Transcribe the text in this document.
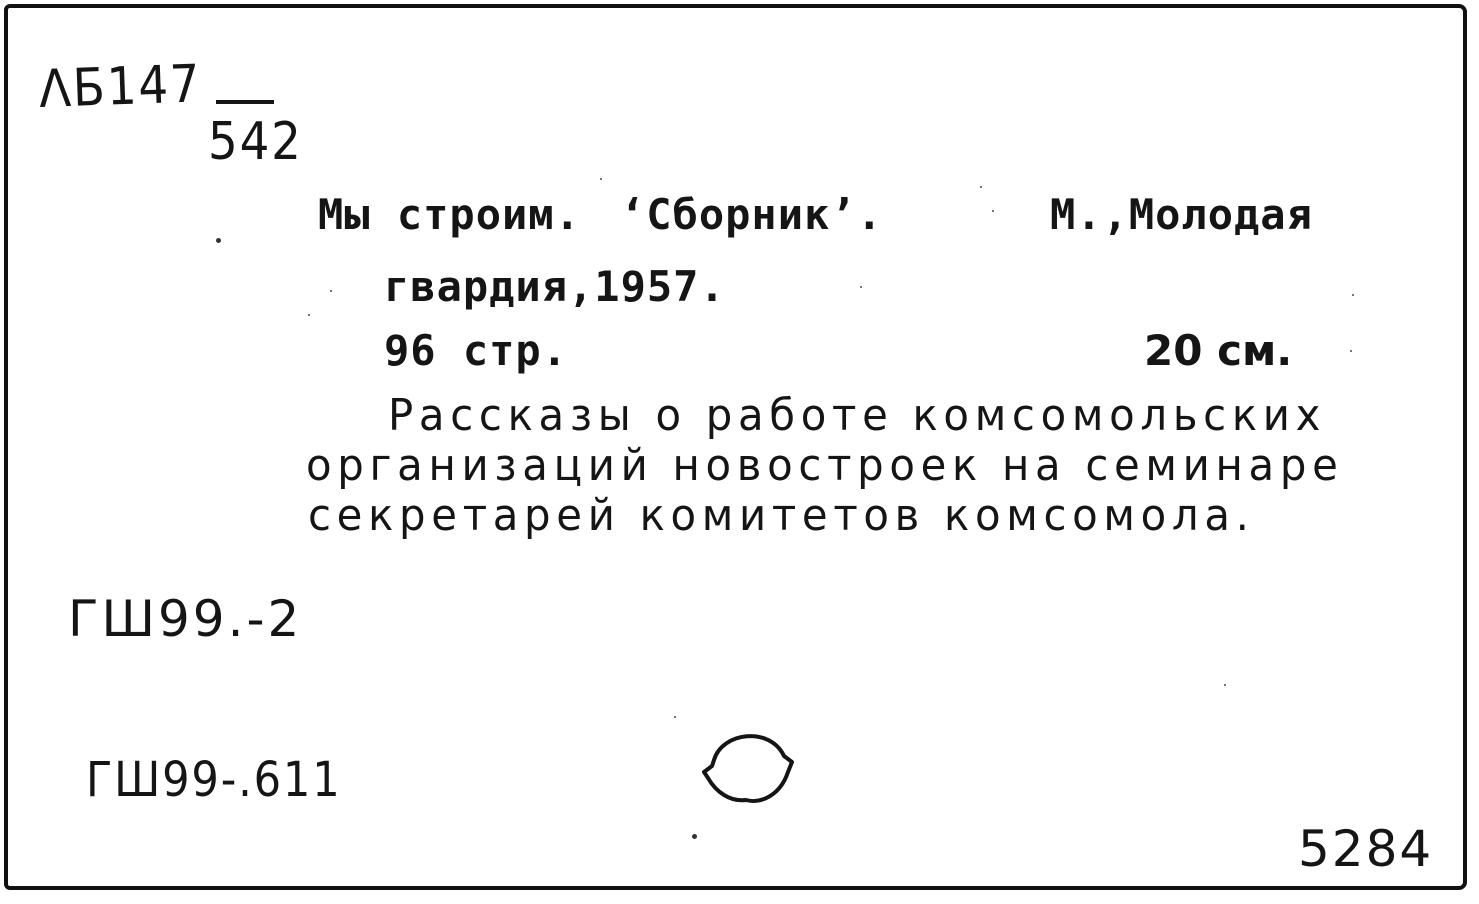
ΛБ147
542
Мы строим. ‘Сборник’.	М.,Молодая
гвардия,1957.
96 стр.	20 см.
Рассказы о работе комсомольских
организаций новостроек на семинаре
секретарей комитетов комсомола.
ГШ99.-2
ГШ99-.611
5284
